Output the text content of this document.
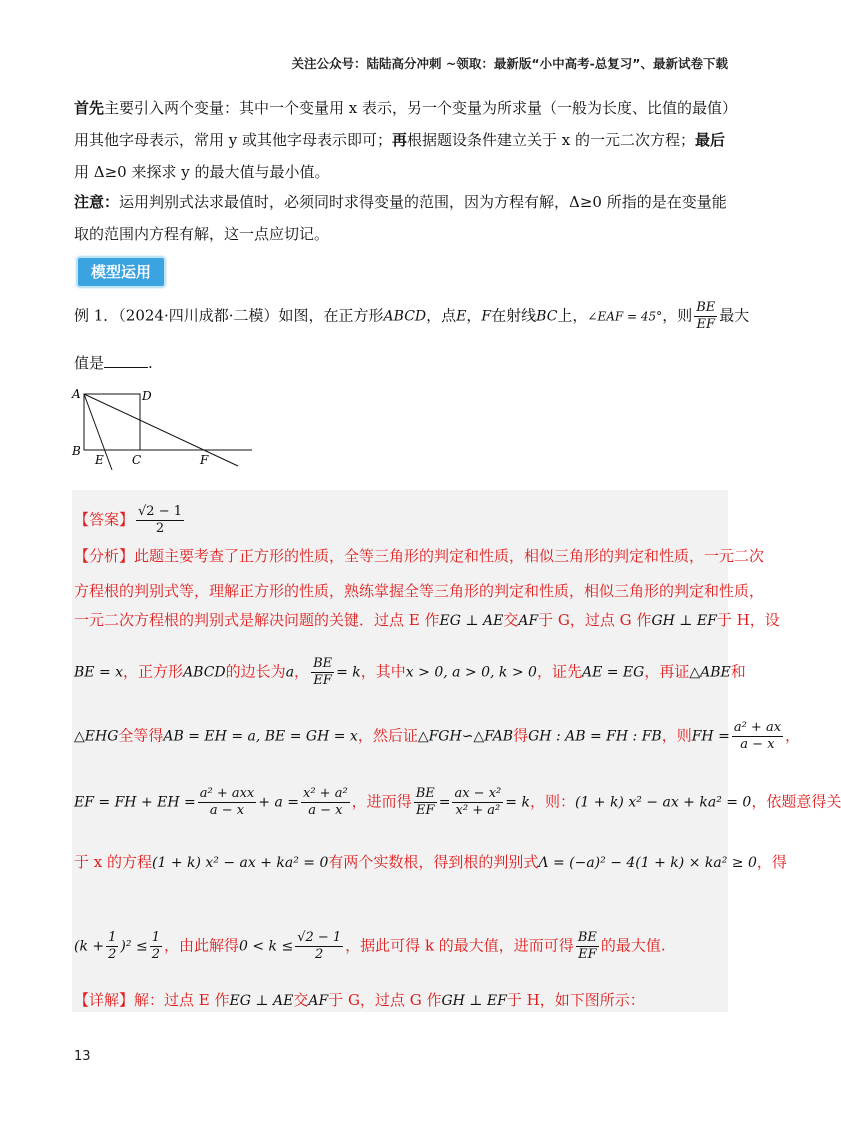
关注公众号：陆陆高分冲刺 ~领取：最新版“小中高考-总复习”、最新试卷下载
首先主要引入两个变量：其中一个变量用 x 表示，另一个变量为所求量（一般为长度、比值的最值）用其他字母表示，常用 y 或其他字母表示即可；再根据题设条件建立关于 x 的一元二次方程；最后用 Δ≥0 来探求 y 的最大值与最小值。
注意：运用判别式法求最值时，必须同时求得变量的范围，因为方程有解，Δ≥0 所指的是在变量能取的范围内方程有解，这一点应切记。
模型运用
例 1．（2024·四川成都·二模）如图，在正方形ABCD，点E，F在射线BC上，∠EAF = 45°，则 $\frac{BE}{EF}$ 最大
值是	.
A	D
B
E C	F
【答案】 $\frac{√2 - 1}{2}$
【分析】此题主要考查了正方形的性质，全等三角形的判定和性质，相似三角形的判定和性质，一元二次
方程根的判别式等，理解正方形的性质，熟练掌握全等三角形的判定和性质，相似三角形的判定和性质，
一元二次方程根的判别式是解决问题的关键．过点 E 作EG ⊥ AE交AF于 G，过点 G 作GH ⊥ EF于 H，设
BE = x，正方形ABCD的边长为a， $\frac{BE}{EF} = k$，其中x > 0, a > 0, k > 0，证先AE = EG，再证△ABE和
△EHG全等得AB = EH = a, BE = GH = x，然后证△FGH∽△FAB得GH : AB = FH : FB，则FH = $\frac{\text{a² + ax}}{a - x}$ ，
EF = FH + EH = $\frac{\text{a² + axx}}{a - x} + a = \frac{\text{x² + a²}}{a - x}$ ，进而得 $\frac{BE}{EF} = \frac{\text{ax − x²}}{\text{x² + a²}} = k$，则：(1 + k) x² − ax + ka² = 0，依题意得关
于 x 的方程(1 + k) x² − ax + ka² = 0有两个实数根，得到根的判别式Λ = (−a)² − 4(1 + k) × ka² ≥ 0，得
$(k + \frac{1}{2} )^2 \le \frac{1}{2}$ ，由此解得$0 < k \le \frac{√2 - 1}{2}$ ，据此可得 k 的最大值，进而可得 $\frac{BE}{EF}$ 的最大值.
【详解】解：过点 E 作EG ⊥ AE交AF于 G，过点 G 作GH ⊥ EF于 H，如下图所示：
13
